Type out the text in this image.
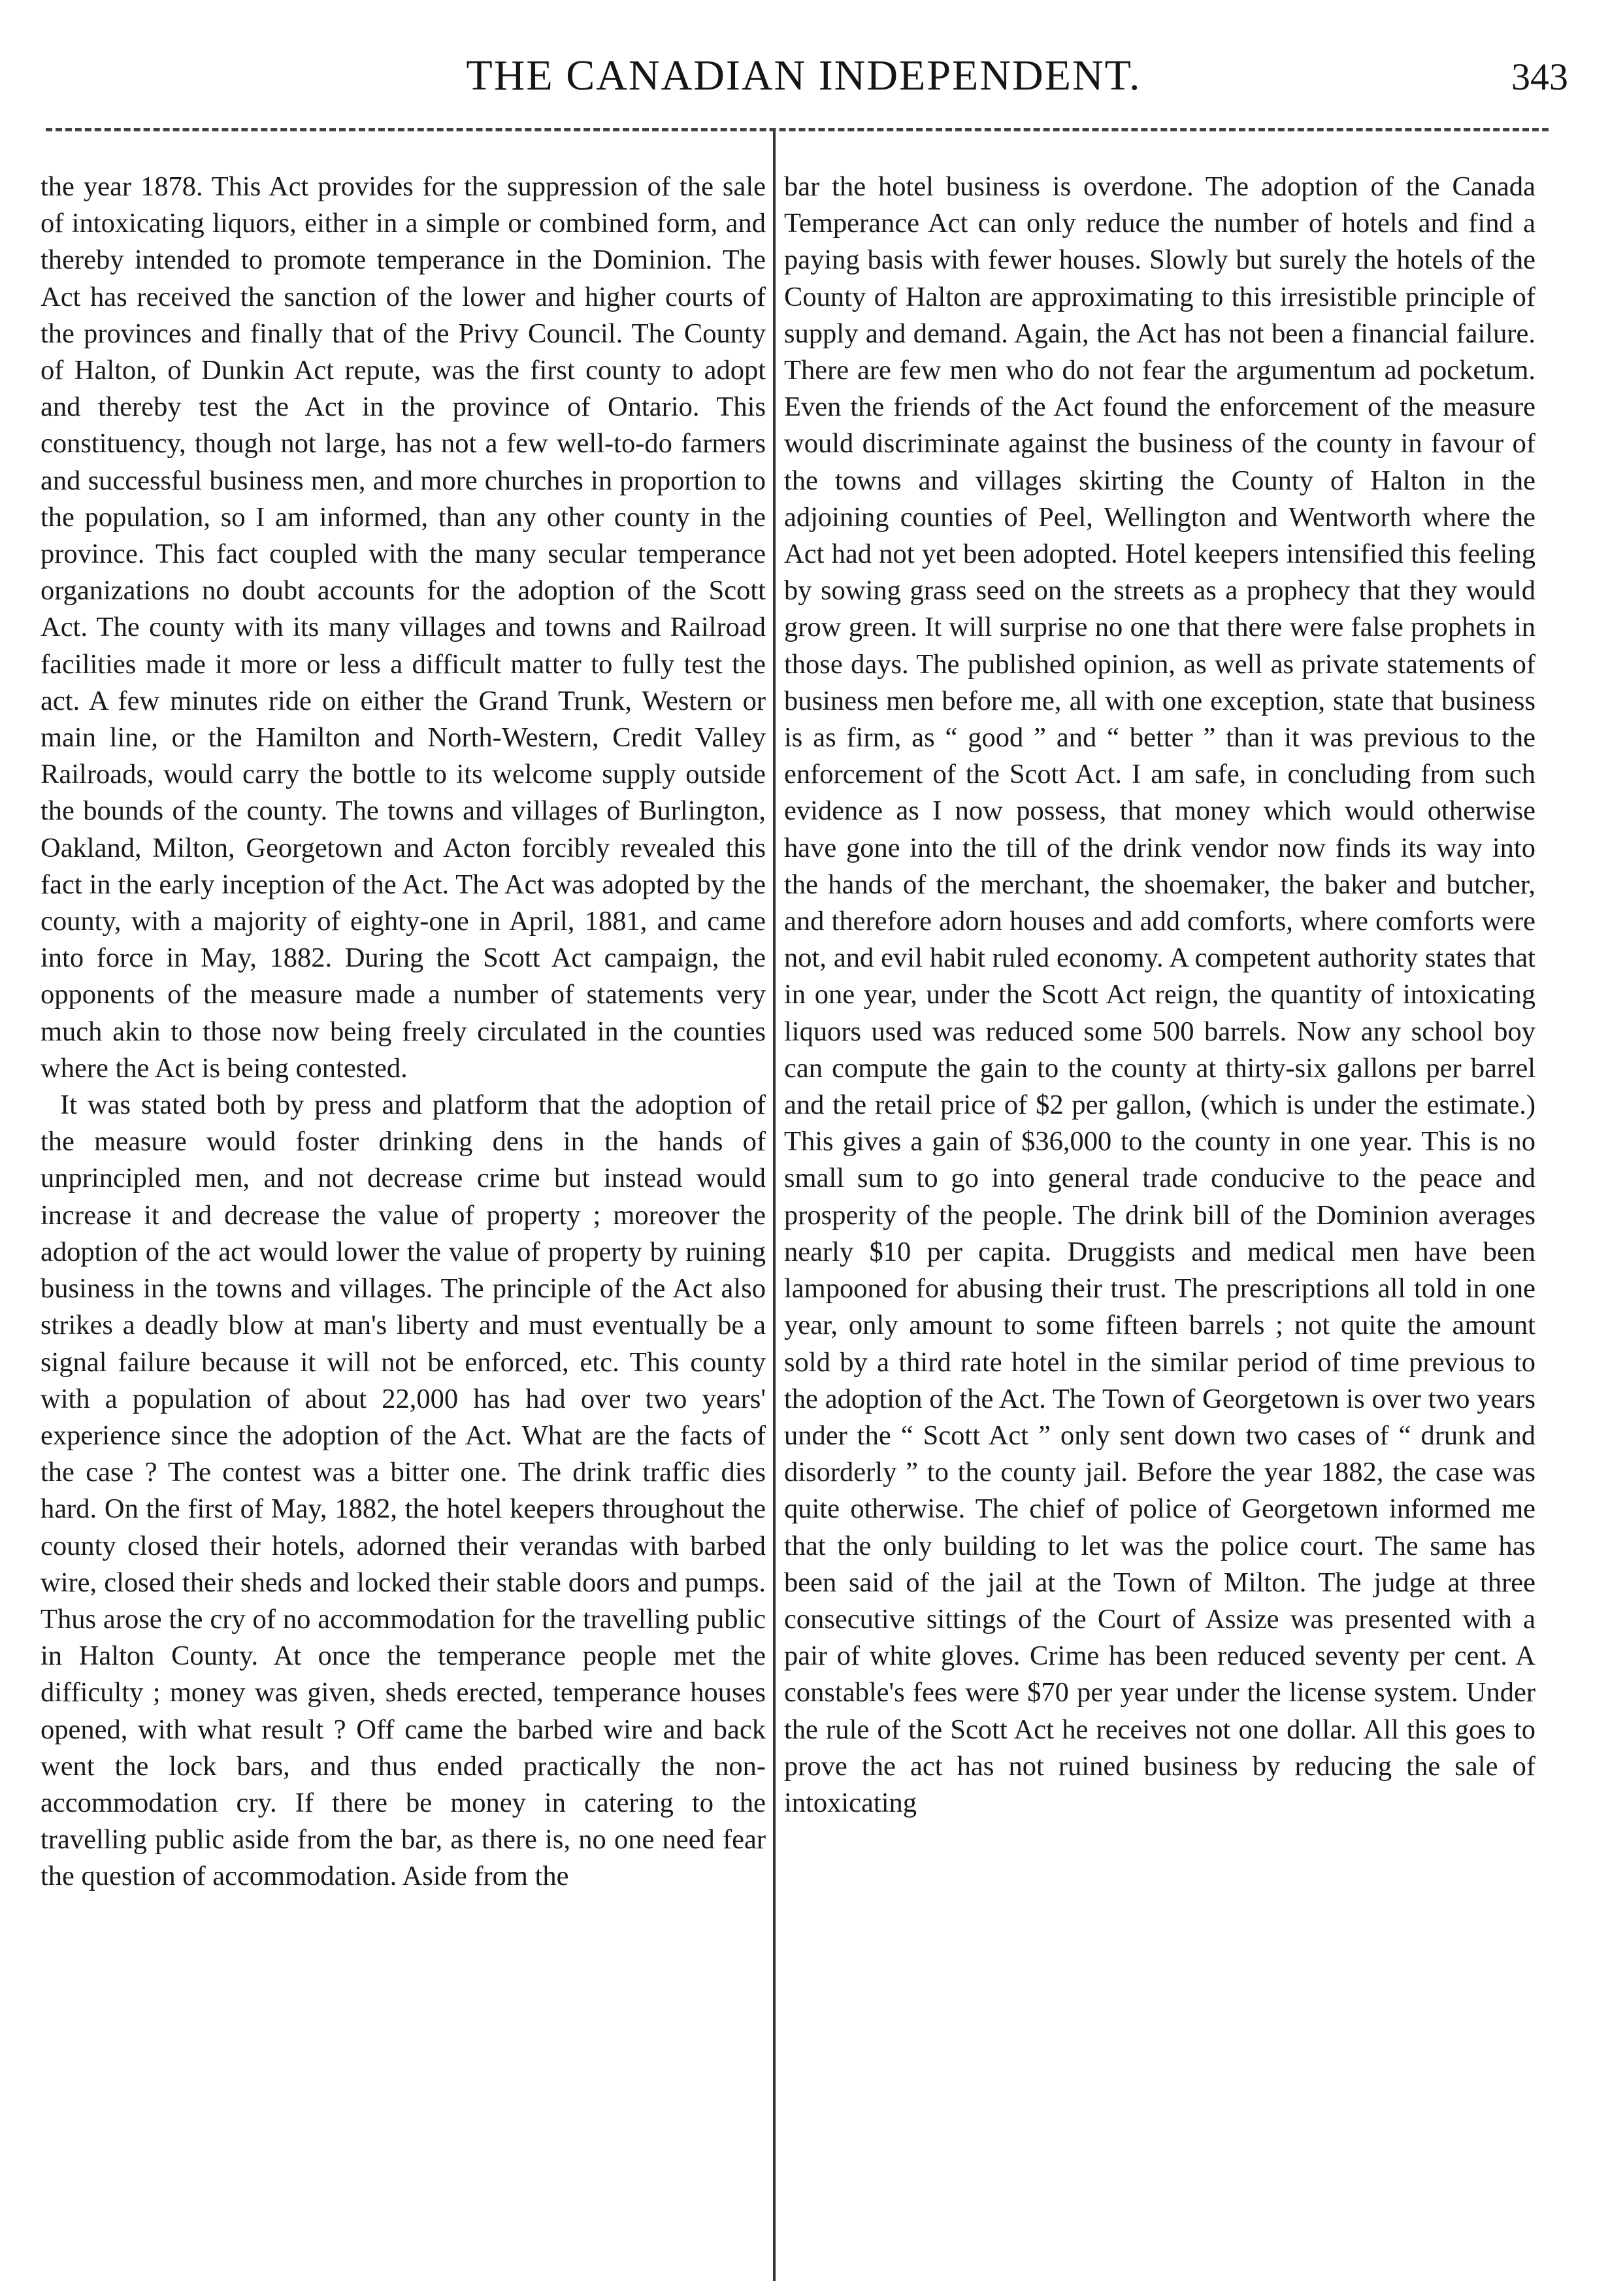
THE CANADIAN INDEPENDENT.	343

the year 1878. This Act provides for the suppression of the sale of intoxicating liquors, either in a simple or combined form, and thereby intended to promote temperance in the Dominion. The Act has received the sanction of the lower and higher courts of the provinces and finally that of the Privy Council. The County of Halton, of Dunkin Act repute, was the first county to adopt and thereby test the Act in the province of Ontario. This constituency, though not large, has not a few well-to-do farmers and successful business men, and more churches in proportion to the population, so I am informed, than any other county in the province. This fact coupled with the many secular temperance organizations no doubt accounts for the adoption of the Scott Act. The county with its many villages and towns and Railroad facilities made it more or less a difficult matter to fully test the act. A few minutes ride on either the Grand Trunk, Western or main line, or the Hamilton and North-Western, Credit Valley Railroads, would carry the bottle to its welcome supply outside the bounds of the county. The towns and villages of Burlington, Oakland, Milton, Georgetown and Acton forcibly revealed this fact in the early inception of the Act. The Act was adopted by the county, with a majority of eighty-one in April, 1881, and came into force in May, 1882. During the Scott Act campaign, the opponents of the measure made a number of statements very much akin to those now being freely circulated in the counties where the Act is being contested.

It was stated both by press and platform that the adoption of the measure would foster drinking dens in the hands of unprincipled men, and not decrease crime but instead would increase it and decrease the value of property ; moreover the adoption of the act would lower the value of property by ruining business in the towns and villages. The principle of the Act also strikes a deadly blow at man's liberty and must eventually be a signal failure because it will not be enforced, etc. This county with a population of about 22,000 has had over two years' experience since the adoption of the Act. What are the facts of the case ? The contest was a bitter one. The drink traffic dies hard. On the first of May, 1882, the hotel keepers throughout the county closed their hotels, adorned their verandas with barbed wire, closed their sheds and locked their stable doors and pumps. Thus arose the cry of no accommodation for the travelling public in Halton County. At once the temperance people met the difficulty ; money was given, sheds erected, temperance houses opened, with what result ? Off came the barbed wire and back went the lock bars, and thus ended practically the non-accommodation cry. If there be money in catering to the travelling public aside from the bar, as there is, no one need fear the question of accommodation. Aside from the

bar the hotel business is overdone. The adoption of the Canada Temperance Act can only reduce the number of hotels and find a paying basis with fewer houses. Slowly but surely the hotels of the County of Halton are approximating to this irresistible principle of supply and demand. Again, the Act has not been a financial failure. There are few men who do not fear the argumentum ad pocketum. Even the friends of the Act found the enforcement of the measure would discriminate against the business of the county in favour of the towns and villages skirting the County of Halton in the adjoining counties of Peel, Wellington and Wentworth where the Act had not yet been adopted. Hotel keepers intensified this feeling by sowing grass seed on the streets as a prophecy that they would grow green. It will surprise no one that there were false prophets in those days. The published opinion, as well as private statements of business men before me, all with one exception, state that business is as firm, as “ good ” and “ better ” than it was previous to the enforcement of the Scott Act. I am safe, in concluding from such evidence as I now possess, that money which would otherwise have gone into the till of the drink vendor now finds its way into the hands of the merchant, the shoemaker, the baker and butcher, and therefore adorn houses and add comforts, where comforts were not, and evil habit ruled economy. A competent authority states that in one year, under the Scott Act reign, the quantity of intoxicating liquors used was reduced some 500 barrels. Now any school boy can compute the gain to the county at thirty-six gallons per barrel and the retail price of $2 per gallon, (which is under the estimate.) This gives a gain of $36,000 to the county in one year. This is no small sum to go into general trade conducive to the peace and prosperity of the people. The drink bill of the Dominion averages nearly $10 per capita. Druggists and medical men have been lampooned for abusing their trust. The prescriptions all told in one year, only amount to some fifteen barrels ; not quite the amount sold by a third rate hotel in the similar period of time previous to the adoption of the Act. The Town of Georgetown is over two years under the “ Scott Act ” only sent down two cases of “ drunk and disorderly ” to the county jail. Before the year 1882, the case was quite otherwise. The chief of police of Georgetown informed me that the only building to let was the police court. The same has been said of the jail at the Town of Milton. The judge at three consecutive sittings of the Court of Assize was presented with a pair of white gloves. Crime has been reduced seventy per cent. A constable's fees were $70 per year under the license system. Under the rule of the Scott Act he receives not one dollar. All this goes to prove the act has not ruined business by reducing the sale of intoxicating
